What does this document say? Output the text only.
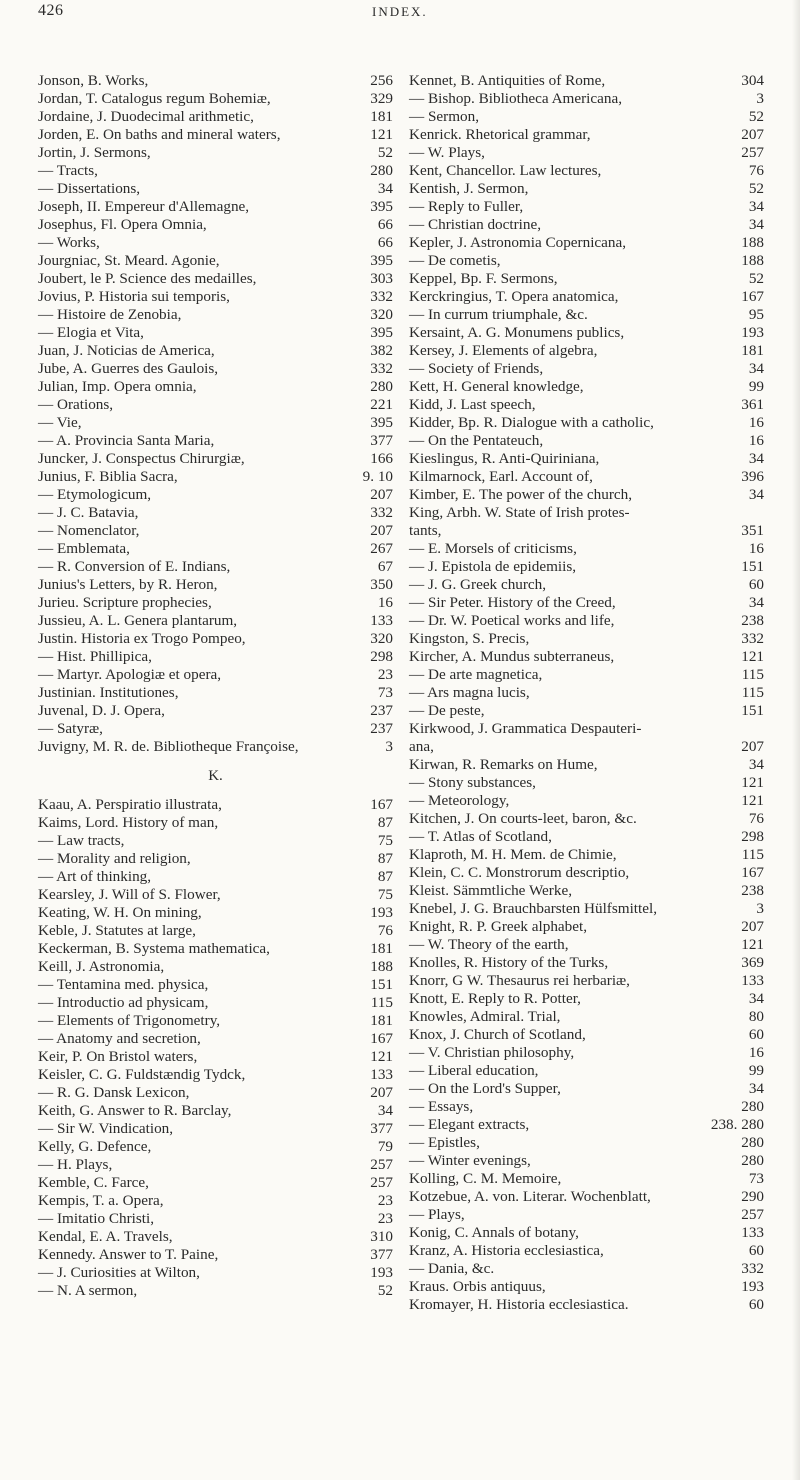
426	INDEX.
Jonson, B. Works,	256
Jordan, T. Catalogus regum Bohemiæ,	329
Jordaine, J. Duodecimal arithmetic,	181
Jorden, E. On baths and mineral waters,	121
Jortin, J. Sermons,	52
— Tracts,	280
— Dissertations,	34
Joseph, II. Empereur d'Allemagne,	395
Josephus, Fl. Opera Omnia,	66
— Works,	66
Jourgniac, St. Meard. Agonie,	395
Joubert, le P. Science des medailles,	303
Jovius, P. Historia sui temporis,	332
— Histoire de Zenobia,	320
— Elogia et Vita,	395
Juan, J. Noticias de America,	382
Jube, A. Guerres des Gaulois,	332
Julian, Imp. Opera omnia,	280
— Orations,	221
— Vie,	395
— A. Provincia Santa Maria,	377
Juncker, J. Conspectus Chirurgiæ,	166
Junius, F. Biblia Sacra,	9. 10
— Etymologicum,	207
— J. C. Batavia,	332
— Nomenclator,	207
— Emblemata,	267
— R. Conversion of E. Indians,	67
Junius's Letters, by R. Heron,	350
Jurieu. Scripture prophecies,	16
Jussieu, A. L. Genera plantarum,	133
Justin. Historia ex Trogo Pompeo,	320
— Hist. Phillipica,	298
— Martyr. Apologiæ et opera,	23
Justinian. Institutiones,	73
Juvenal, D. J. Opera,	237
— Satyræ,	237
Juvigny, M. R. de. Bibliotheque Françoise,	3
K.
Kaau, A. Perspiratio illustrata,	167
Kaims, Lord. History of man,	87
— Law tracts,	75
— Morality and religion,	87
— Art of thinking,	87
Kearsley, J. Will of S. Flower,	75
Keating, W. H. On mining,	193
Keble, J. Statutes at large,	76
Keckerman, B. Systema mathematica,	181
Keill, J. Astronomia,	188
— Tentamina med. physica,	151
— Introductio ad physicam,	115
— Elements of Trigonometry,	181
— Anatomy and secretion,	167
Keir, P. On Bristol waters,	121
Keisler, C. G. Fuldstændig Tydck,	133
— R. G. Dansk Lexicon,	207
Keith, G. Answer to R. Barclay,	34
— Sir W. Vindication,	377
Kelly, G. Defence,	79
— H. Plays,	257
Kemble, C. Farce,	257
Kempis, T. a. Opera,	23
— Imitatio Christi,	23
Kendal, E. A. Travels,	310
Kennedy. Answer to T. Paine,	377
— J. Curiosities at Wilton,	193
— N. A sermon,	52
Kennet, B. Antiquities of Rome,	304
— Bishop. Bibliotheca Americana,	3
— Sermon,	52
Kenrick. Rhetorical grammar,	207
— W. Plays,	257
Kent, Chancellor. Law lectures,	76
Kentish, J. Sermon,	52
— Reply to Fuller,	34
— Christian doctrine,	34
Kepler, J. Astronomia Copernicana,	188
— De cometis,	188
Keppel, Bp. F. Sermons,	52
Kerckringius, T. Opera anatomica,	167
— In currum triumphale, &c.	95
Kersaint, A. G. Monumens publics,	193
Kersey, J. Elements of algebra,	181
— Society of Friends,	34
Kett, H. General knowledge,	99
Kidd, J. Last speech,	361
Kidder, Bp. R. Dialogue with a catholic,	16
— On the Pentateuch,	16
Kieslingus, R. Anti-Quiriniana,	34
Kilmarnock, Earl. Account of,	396
Kimber, E. The power of the church,	34
King, Arbh. W. State of Irish protes-
tants,	351
— E. Morsels of criticisms,	16
— J. Epistola de epidemiis,	151
— J. G. Greek church,	60
— Sir Peter. History of the Creed,	34
— Dr. W. Poetical works and life,	238
Kingston, S. Precis,	332
Kircher, A. Mundus subterraneus,	121
— De arte magnetica,	115
— Ars magna lucis,	115
— De peste,	151
Kirkwood, J. Grammatica Despauteri-
ana,	207
Kirwan, R. Remarks on Hume,	34
— Stony substances,	121
— Meteorology,	121
Kitchen, J. On courts-leet, baron, &c.	76
— T. Atlas of Scotland,	298
Klaproth, M. H. Mem. de Chimie,	115
Klein, C. C. Monstrorum descriptio,	167
Kleist. Sämmtliche Werke,	238
Knebel, J. G. Brauchbarsten Hülfsmittel,	3
Knight, R. P. Greek alphabet,	207
— W. Theory of the earth,	121
Knolles, R. History of the Turks,	369
Knorr, G W. Thesaurus rei herbariæ,	133
Knott, E. Reply to R. Potter,	34
Knowles, Admiral. Trial,	80
Knox, J. Church of Scotland,	60
— V. Christian philosophy,	16
— Liberal education,	99
— On the Lord's Supper,	34
— Essays,	280
— Elegant extracts,	238. 280
— Epistles,	280
— Winter evenings,	280
Kolling, C. M. Memoire,	73
Kotzebue, A. von. Literar. Wochenblatt,	290
— Plays,	257
Konig, C. Annals of botany,	133
Kranz, A. Historia ecclesiastica,	60
— Dania, &c.	332
Kraus. Orbis antiquus,	193
Kromayer, H. Historia ecclesiastica.	60
